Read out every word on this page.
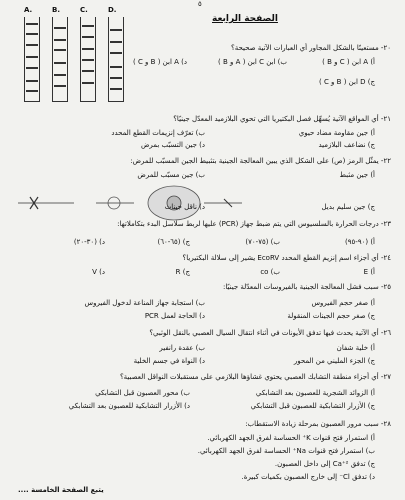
٥
A.	B.	C.	D.
الصفحة الرابعة
٢٠- مستعينًا بالشكل المجاور أي العبارات الآتية صحيحة؟
أ) A ابن ( C و B )
ب) ابن C ابن ( A و B )
د) A ابن ( B و C )
ج) D ابن ( B و C )
٢١- أي المواقع الآتية يُسهِّل فصل البكتيريا التي تحوي البلازميد المعدّل جينيًا؟
أ) جين مقاومة مضاد حيوي
ب) تعرّف إنزيمات القطع المحدد
ج) نضاعف البلازميد
د) جين التسبّب بمرض
٢٢- يمثّل الرمز (ص) على الشكل الذي يبين المعالجة الجينية بتثبيط الجين المسبّب للمرض:
أ) جين مثبط
ب) جين مسبّب للمرض
ج) جين سليم بديل
د) ناقل جينات
٢٣- درجات الحرارة بالسلسيوس التي يتم ضبط جهاز (PCR) عليها لربط سلاسل البدء بتكاملاتها:
أ) (٩٠-٩٥)
ب) (٧٥-٧٠)
ج) (٦٥-٦٠)
د) (٣٠-٢٠)
٢٤- أي أجزاء اسم إنزيم القطع المحدد EcoRV يشير إلى سلالة البكتيريا؟
أ) E
ب) co
ج) R
د) V
٢٥- سبب فشل المعالجة الجينية بالفيروسات المعدّلة جينيًا:
أ) صغر حجم الفيروس
ب) استجابة جهاز المناعة لدخول الفيروس
ج) صغر حجم الجينات المنقولة
د) الحاجة لعمل PCR
٢٦- أي الآتية يحدث فيها تدفق الأيونات في أثناء انتقال السيال العصبي بالنقل الوثبي؟
أ) خلية شفان
ب) عقدة رانفير
ج) الجزء المليني من المحور
د) النواة في جسم الخلية
٢٧- أي أجزاء منطقة التشابك العصبي يحتوي غشاؤها البلازمي على مستقبلات النواقل العصبية؟
أ) الزوائد الشجرية للعصبون بعد التشابكي
ب) محور العصبون قبل التشابكي
ج) الأزرار التشابكية للعصبون قبل التشابكي
د) الأزرار التشابكية للعصبون بعد التشابكي
٢٨- سبب مرور العصبون بمرحلة زيادة الاستقطاب:
أ) استمرار فتح قنوات K⁺ الحساسة لفرق الجهد الكهربائي.
ب) استمرار فتح قنوات Na⁺ الحساسة لفرق الجهد الكهربائي.
ج) تدفق Ca⁺² إلى داخل العصبون.
د) تدفق Cl⁻ إلى خارج العصبون بكميات كبيرة.
يتبع الصفحة الخامسة ....
